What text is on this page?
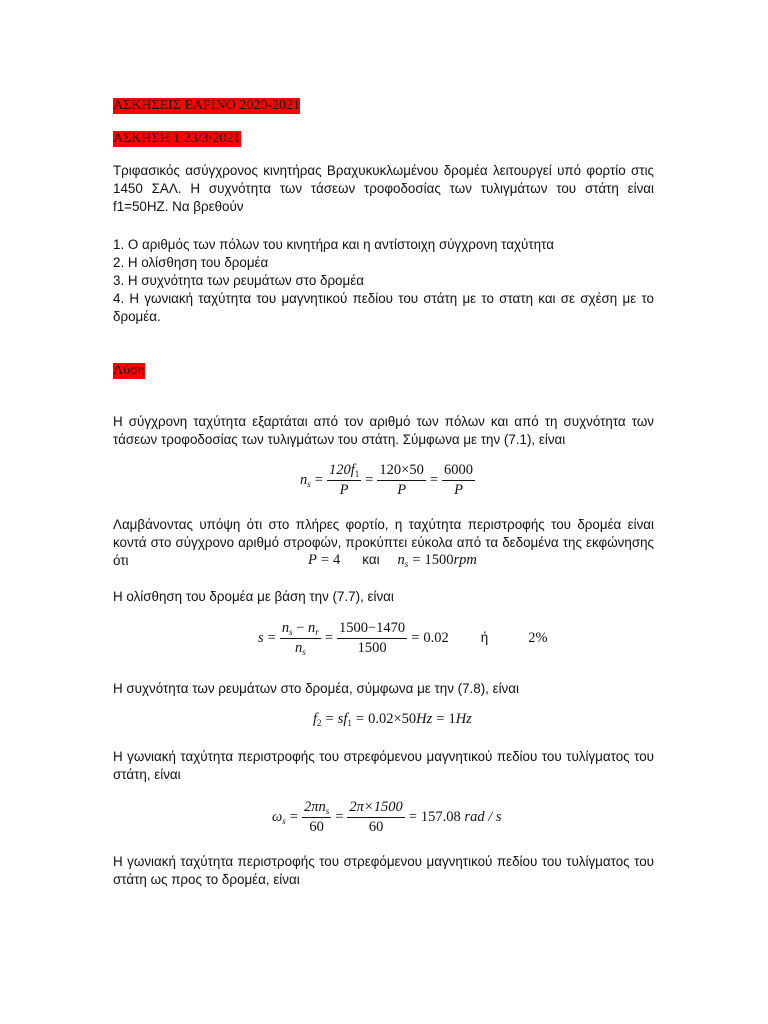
ΑΣΚΗΣΕΙΣ ΕΑΡΙΝΟ 2020-2021
ΑΣΚΗΣΗ 1 23/3/2021
Τριφασικός ασύγχρονος κινητήρας Βραχυκυκλωμένου δρομέα λειτουργεί υπό φορτίο στις 1450 ΣΑΛ. Η συχνότητα των τάσεων τροφοδοσίας των τυλιγμάτων του στάτη είναι f1=50HZ. Να βρεθούν
1. Ο αριθμός των πόλων του κινητήρα και η αντίστοιχη σύγχρονη ταχύτητα
2. Η ολίσθηση του δρομέα
3. Η συχνότητα των ρευμάτων στο δρομέα
4. Η γωνιακή ταχύτητα του μαγνητικού πεδίου του στάτη με το στατη και σε σχέση με το δρομέα.
Λύση
Η σύγχρονη ταχύτητα εξαρτάται από τον αριθμό των πόλων και από τη συχνότητα των τάσεων τροφοδοσίας των τυλιγμάτων του στάτη. Σύμφωνα με την (7.1), είναι
$n_s = \frac{120f_1}{P} = \frac{120\times 50}{P} = \frac{6000}{P}$
Λαμβάνοντας υπόψη ότι στο πλήρες φορτίο, η ταχύτητα περιστροφής του δρομέα είναι κοντά στο σύγχρονο αριθμό στροφών, προκύπτει εύκολα από τα δεδομένα της εκφώνησης ότι	P = 4 και $n_s = 1500rpm$
Η ολίσθηση του δρομέα με βάση την (7.7), είναι
$s = \frac{n_s - n_r}{n_s} = \frac{1500-1470}{1500} = 0.02$ ή	2%
Η συχνότητα των ρευμάτων στο δρομέα, σύμφωνα με την (7.8), είναι
$f_2 = sf_1 = 0.02\times 50Hz = 1Hz$
Η γωνιακή ταχύτητα περιστροφής του στρεφόμενου μαγνητικού πεδίου του τυλίγματος του στάτη, είναι
$\omega_s = \frac{2\pi n_s}{60} = \frac{2\pi\times 1500}{60} = 157.08$ rad / s
Η γωνιακή ταχύτητα περιστροφής του στρεφόμενου μαγνητικού πεδίου του τυλίγματος του στάτη ως προς το δρομέα, είναι
